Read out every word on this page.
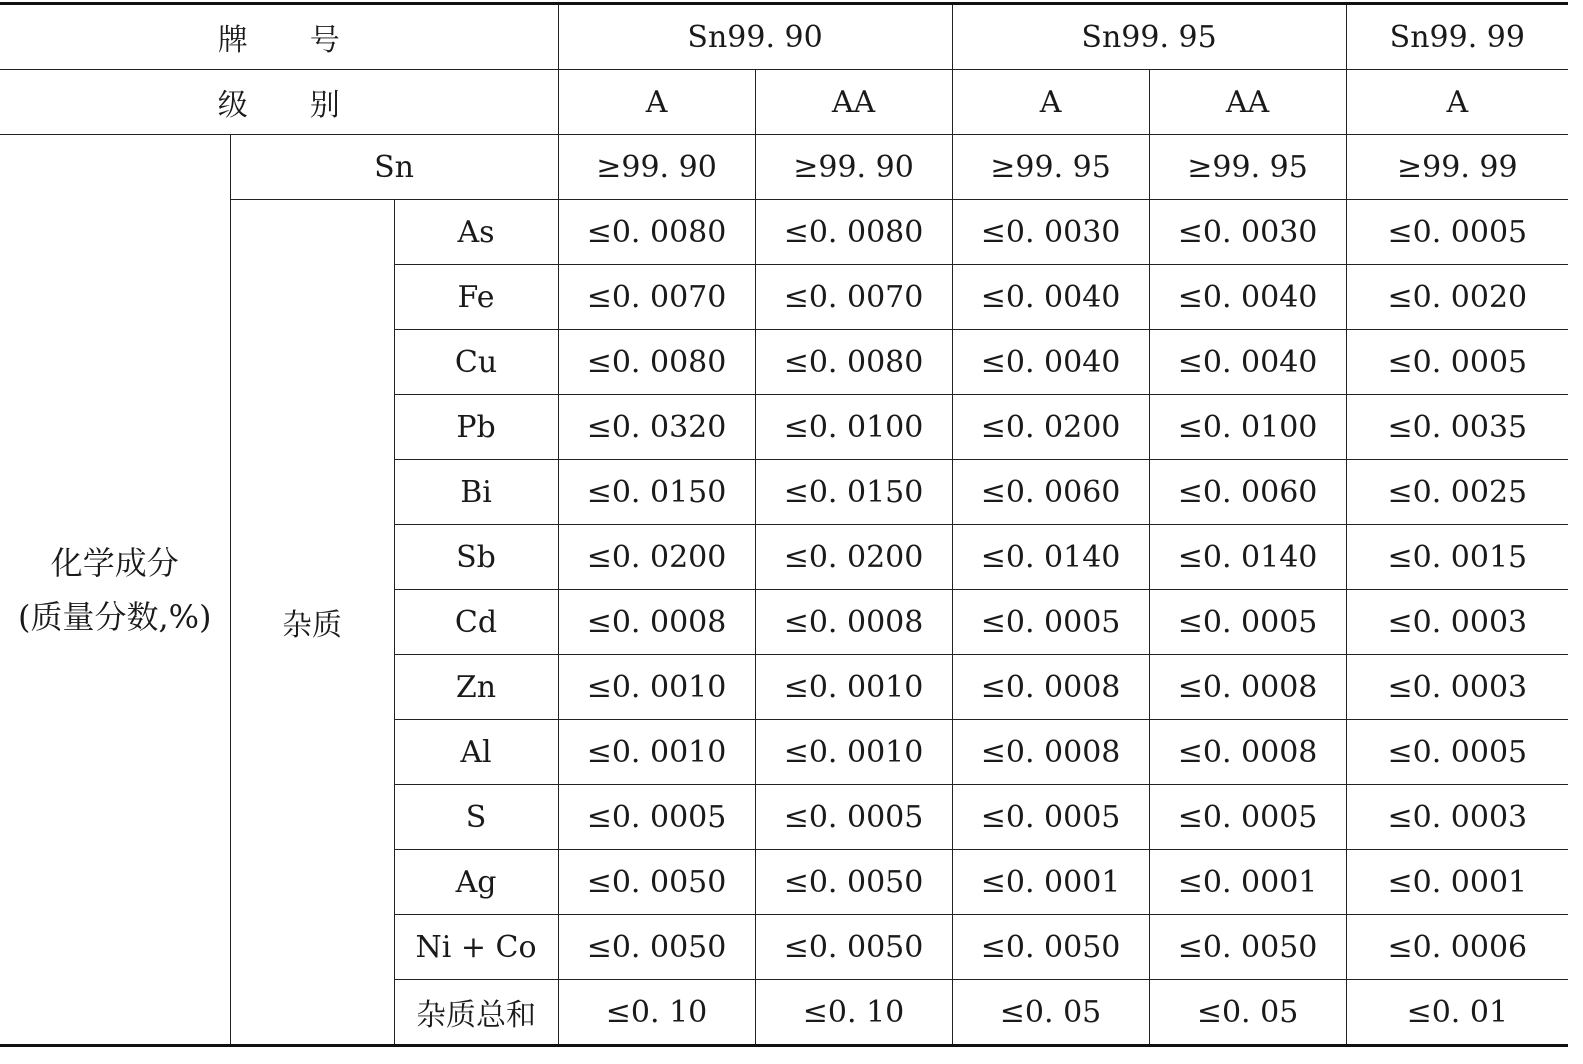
牌号			Sn99. 90		Sn99. 95		Sn99. 99
级别			A	AA	A	AA	A

化学成分
(质量分数,%)	Sn		≥99. 90	≥99. 90	≥99. 95	≥99. 95	≥99. 99
	杂质	As	≤0. 0080	≤0. 0080	≤0. 0030	≤0. 0030	≤0. 0005
		Fe	≤0. 0070	≤0. 0070	≤0. 0040	≤0. 0040	≤0. 0020
		Cu	≤0. 0080	≤0. 0080	≤0. 0040	≤0. 0040	≤0. 0005
		Pb	≤0. 0320	≤0. 0100	≤0. 0200	≤0. 0100	≤0. 0035
		Bi	≤0. 0150	≤0. 0150	≤0. 0060	≤0. 0060	≤0. 0025
		Sb	≤0. 0200	≤0. 0200	≤0. 0140	≤0. 0140	≤0. 0015
		Cd	≤0. 0008	≤0. 0008	≤0. 0005	≤0. 0005	≤0. 0003
		Zn	≤0. 0010	≤0. 0010	≤0. 0008	≤0. 0008	≤0. 0003
		Al	≤0. 0010	≤0. 0010	≤0. 0008	≤0. 0008	≤0. 0005
		S	≤0. 0005	≤0. 0005	≤0. 0005	≤0. 0005	≤0. 0003
		Ag	≤0. 0050	≤0. 0050	≤0. 0001	≤0. 0001	≤0. 0001
		Ni + Co	≤0. 0050	≤0. 0050	≤0. 0050	≤0. 0050	≤0. 0006
		杂质总和	≤0. 10	≤0. 10	≤0. 05	≤0. 05	≤0. 01
